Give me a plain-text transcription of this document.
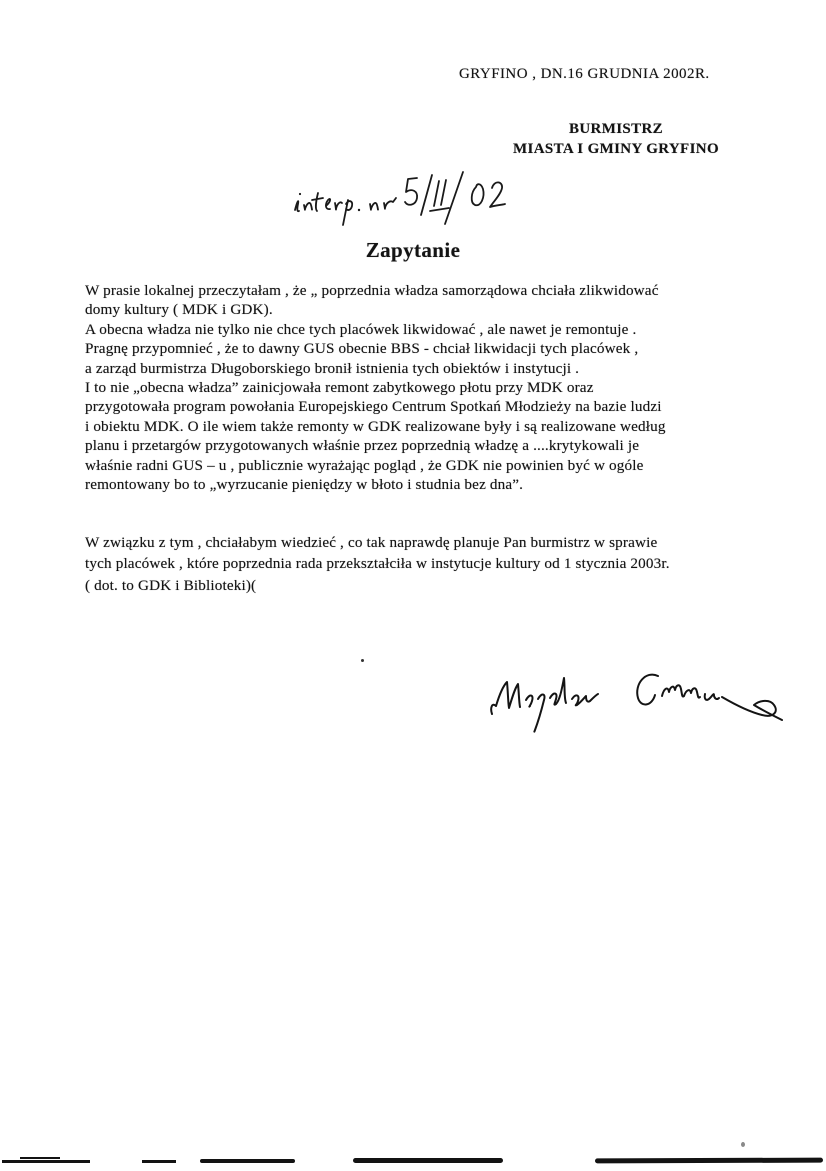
GRYFINO , DN.16 GRUDNIA 2002R.
BURMISTRZ
MIASTA I GMINY GRYFINO
Zapytanie
W prasie lokalnej przeczytałam , że „ poprzednia władza samorządowa chciała zlikwidować
domy kultury ( MDK i GDK).
A obecna władza nie tylko nie chce tych placówek likwidować , ale nawet je remontuje .
Pragnę przypomnieć , że to dawny GUS obecnie BBS - chciał likwidacji tych placówek ,
a zarząd burmistrza Długoborskiego bronił istnienia tych obiektów i instytucji .
I to nie „obecna władza” zainicjowała remont zabytkowego płotu przy MDK oraz
przygotowała program powołania Europejskiego Centrum Spotkań Młodzieży na bazie ludzi
i obiektu MDK. O ile wiem także remonty w GDK realizowane były i są realizowane według
planu i przetargów przygotowanych właśnie przez poprzednią władzę a ....krytykowali je
właśnie radni GUS – u , publicznie wyrażając pogląd , że GDK nie powinien być w ogóle
remontowany bo to „wyrzucanie pieniędzy w błoto i studnia bez dna”.
W związku z tym , chciałabym wiedzieć , co tak naprawdę planuje Pan burmistrz w sprawie
tych placówek , które poprzednia rada przekształciła w instytucje kultury od 1 stycznia 2003r.
( dot. to GDK i Biblioteki)(
